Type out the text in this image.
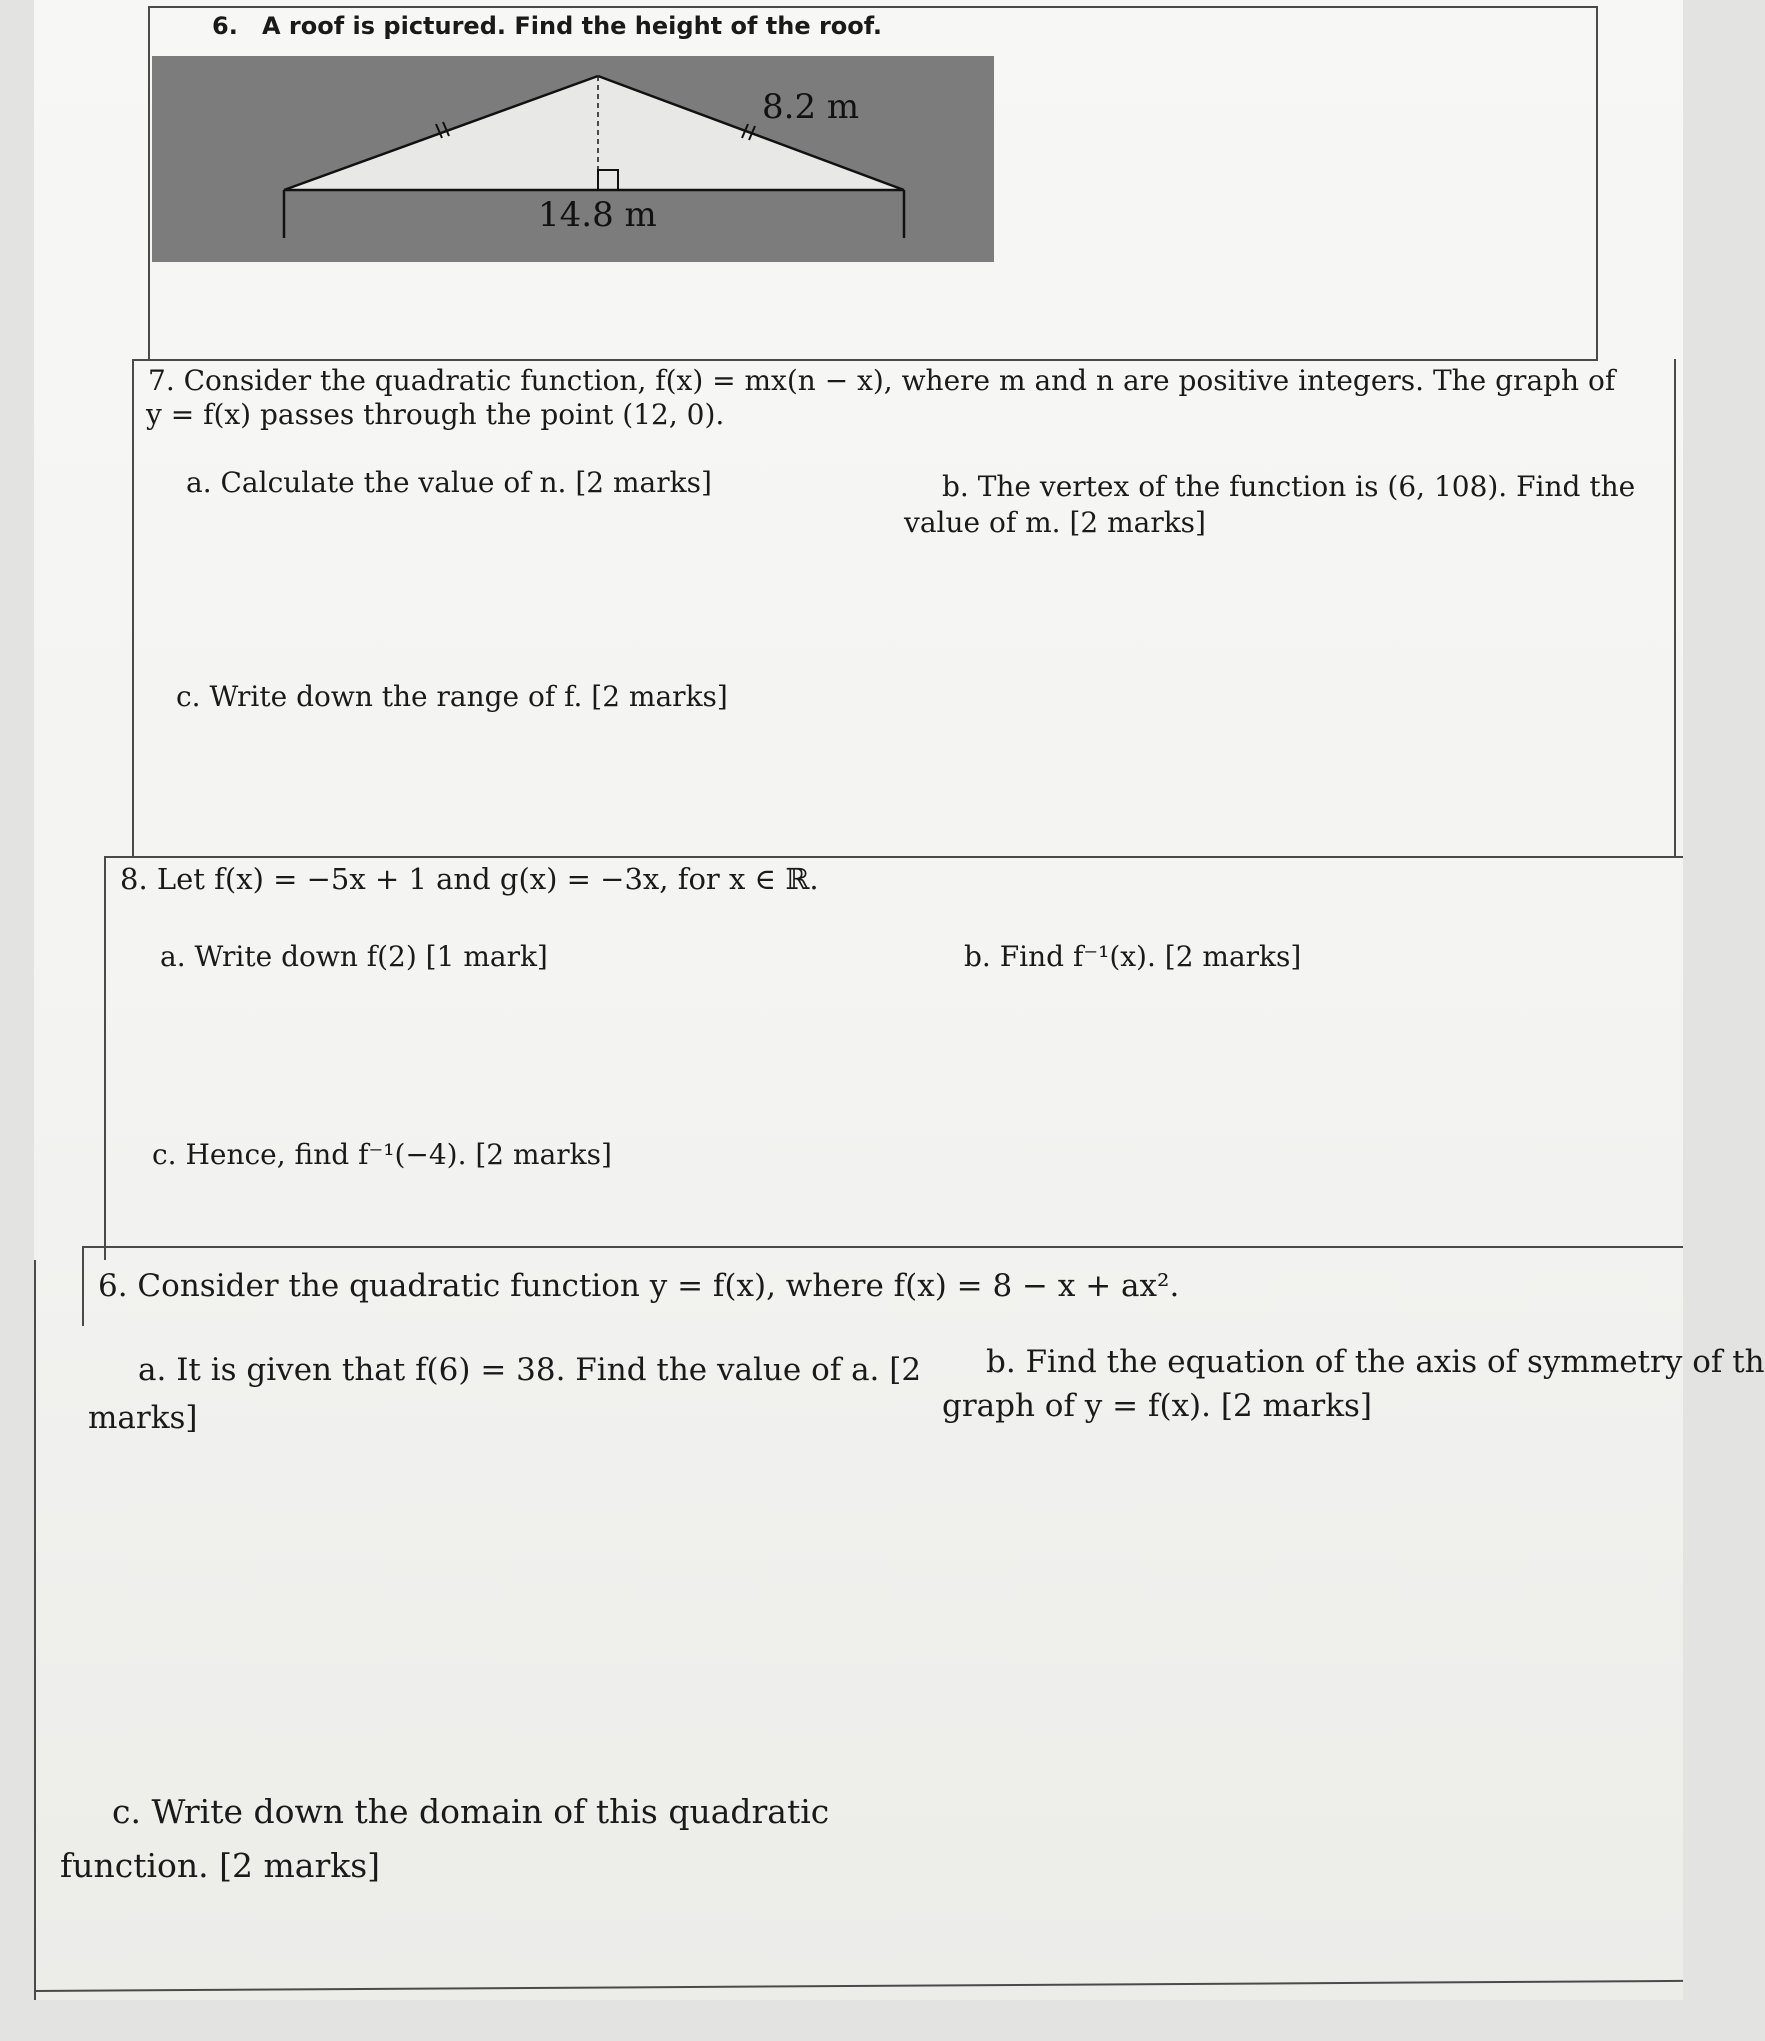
6. A roof is pictured. Find the height of the roof.
8.2 m
14.8 m
7. Consider the quadratic function, f(x) = mx(n − x), where m and n are positive integers. The graph of
y = f(x) passes through the point (12, 0).
a. Calculate the value of n. [2 marks]	b. The vertex of the function is (6, 108). Find the
value of m. [2 marks]
c. Write down the range of f. [2 marks]
8. Let f(x) = −5x + 1 and g(x) = −3x, for x ∈ ℝ.
a. Write down f(2) [1 mark]	b. Find f⁻¹(x). [2 marks]
c. Hence, find f⁻¹(−4). [2 marks]
6. Consider the quadratic function y = f(x), where f(x) = 8 − x + ax².
a. It is given that f(6) = 38. Find the value of a. [2
marks]
b. Find the equation of the axis of symmetry of th
graph of y = f(x). [2 marks]
c. Write down the domain of this quadratic
function. [2 marks]
